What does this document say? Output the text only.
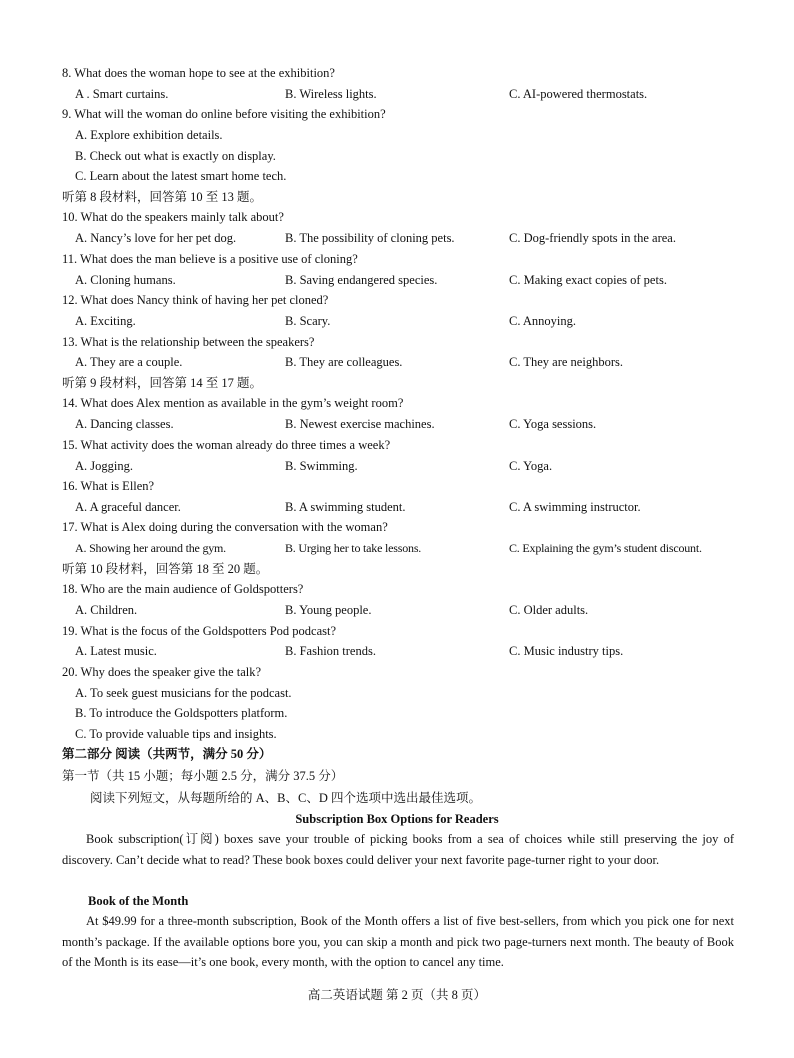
8. What does the woman hope to see at the exhibition?
A . Smart curtains.	B. Wireless lights.	C. AI-powered thermostats.
9. What will the woman do online before visiting the exhibition?
A. Explore exhibition details.
B. Check out what is exactly on display.
C. Learn about the latest smart home tech.
听第 8 段材料，回答第 10 至 13 题。
10. What do the speakers mainly talk about?
A. Nancy’s love for her pet dog.	B. The possibility of cloning pets.	C. Dog-friendly spots in the area.
11. What does the man believe is a positive use of cloning?
A. Cloning humans.	B. Saving endangered species.	C. Making exact copies of pets.
12. What does Nancy think of having her pet cloned?
A. Exciting.	B. Scary.	C. Annoying.
13. What is the relationship between the speakers?
A. They are a couple.	B. They are colleagues.	C. They are neighbors.
听第 9 段材料，回答第 14 至 17 题。
14. What does Alex mention as available in the gym’s weight room?
A. Dancing classes.	B. Newest exercise machines.	C. Yoga sessions.
15. What activity does the woman already do three times a week?
A. Jogging.	B. Swimming.	C. Yoga.
16. What is Ellen?
A. A graceful dancer.	B. A swimming student.	C. A swimming instructor.
17. What is Alex doing during the conversation with the woman?
A. Showing her around the gym.	B. Urging her to take lessons.	C. Explaining the gym’s student discount.
听第 10 段材料，回答第 18 至 20 题。
18. Who are the main audience of Goldspotters?
A. Children.	B. Young people.	C. Older adults.
19. What is the focus of the Goldspotters Pod podcast?
A. Latest music.	B. Fashion trends.	C. Music industry tips.
20. Why does the speaker give the talk?
A. To seek guest musicians for the podcast.
B. To introduce the Goldspotters platform.
C. To provide valuable tips and insights.
第二部分 阅读（共两节，满分 50 分）
第一节（共 15 小题；每小题 2.5 分，满分 37.5 分）
阅读下列短文，从每题所给的 A、B、C、D 四个选项中选出最佳选项。
Subscription Box Options for Readers
Book subscription(订阅) boxes save your trouble of picking books from a sea of choices while still preserving the joy of discovery. Can’t decide what to read? These book boxes could deliver your next favorite page-turner right to your door.
Book of the Month
At $49.99 for a three-month subscription, Book of the Month offers a list of five best-sellers, from which you pick one for next month’s package. If the available options bore you, you can skip a month and pick two page-turners next month. The beauty of Book of the Month is its ease—it’s one book, every month, with the option to cancel any time.
高二英语试题 第 2 页（共 8 页）
